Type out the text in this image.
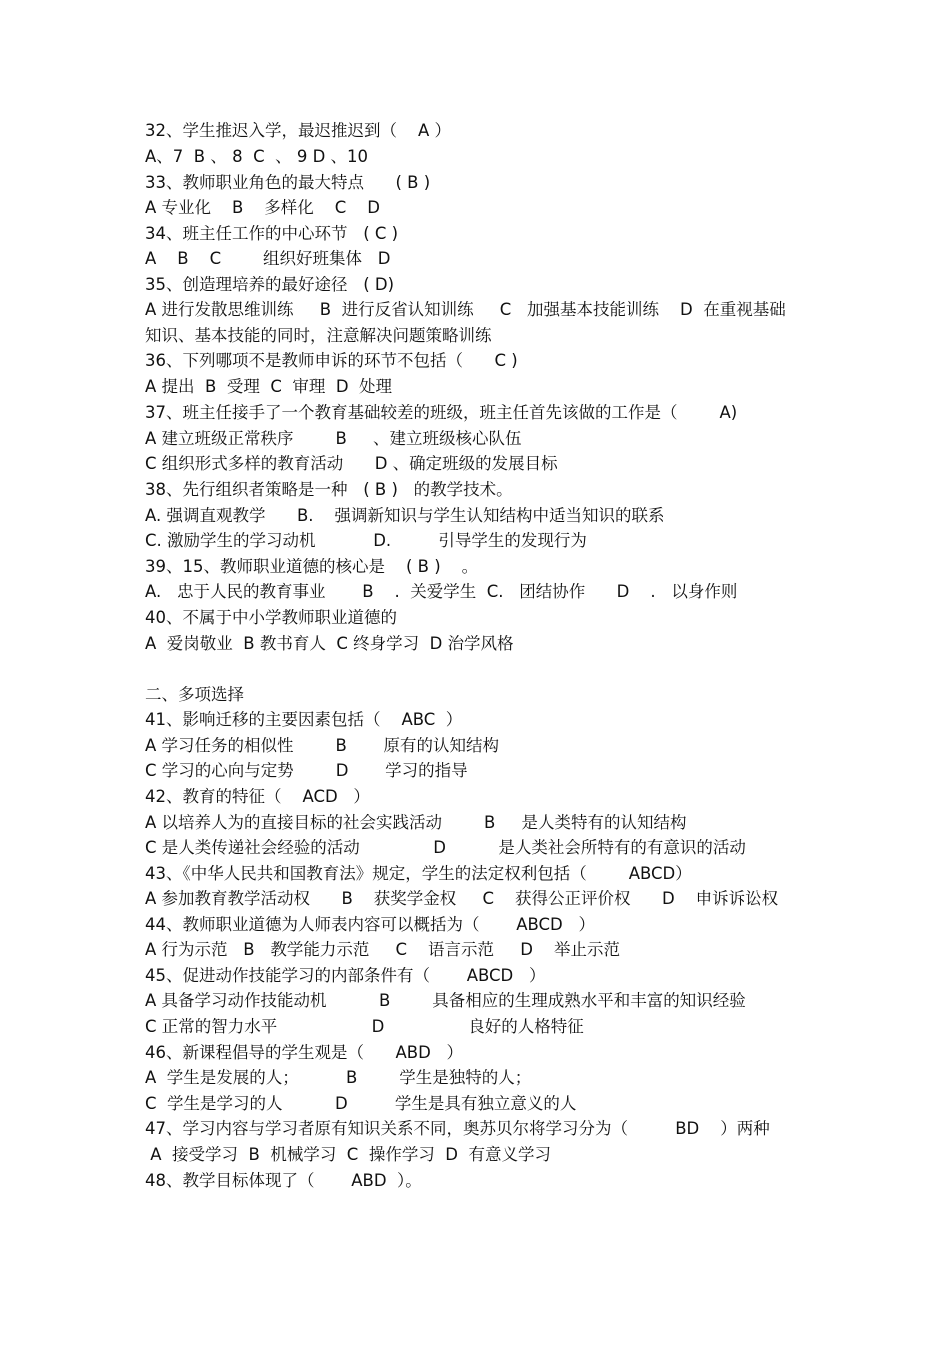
32、学生推迟入学，最迟推迟到（    A ）
A、7  B 、 8  C  、 9 D 、10
33、教师职业角色的最大特点      ( B )
A 专业化    B    多样化    C    D
34、班主任工作的中心环节   ( C )
A    B    C        组织好班集体   D
35、创造理培养的最好途径   ( D)
A 进行发散思维训练     B  进行反省认知训练     C   加强基本技能训练    D  在重视基础
知识、基本技能的同时，注意解决问题策略训练
36、下列哪项不是教师申诉的环节不包括（      C )
A 提出  B  受理  C  审理  D  处理
37、班主任接手了一个教育基础较差的班级，班主任首先该做的工作是（        A)
A 建立班级正常秩序        B     、建立班级核心队伍
C 组织形式多样的教育活动      D 、确定班级的发展目标
38、先行组织者策略是一种   ( B )   的教学技术。
A. 强调直观教学      B.    强调新知识与学生认知结构中适当知识的联系
C. 激励学生的学习动机           D.         引导学生的发现行为
39、15、教师职业道德的核心是    ( B )    。
A.   忠于人民的教育事业       B    .  关爱学生  C.   团结协作      D    .   以身作则
40、不属于中小学教师职业道德的
A  爱岗敬业  B 教书育人  C 终身学习  D 治学风格
二、多项选择
41、影响迁移的主要因素包括（    ABC  ）
A 学习任务的相似性        B       原有的认知结构
C 学习的心向与定势        D       学习的指导
42、教育的特征（    ACD   ）
A 以培养人为的直接目标的社会实践活动        B     是人类特有的认知结构
C 是人类传递社会经验的活动              D          是人类社会所特有的有意识的活动
43、《中华人民共和国教育法》规定，学生的法定权利包括（        ABCD）
A 参加教育教学活动权      B    获奖学金权     C    获得公正评价权      D    申诉诉讼权
44、教师职业道德为人师表内容可以概括为（       ABCD   ）
A 行为示范   B   教学能力示范     C    语言示范     D    举止示范
45、促进动作技能学习的内部条件有（       ABCD   ）
A 具备学习动作技能动机          B        具备相应的生理成熟水平和丰富的知识经验
C 正常的智力水平                  D                良好的人格特征
46、新课程倡导的学生观是（      ABD   ）
A  学生是发展的人；         B        学生是独特的人；
C  学生是学习的人          D         学生是具有独立意义的人
47、学习内容与学习者原有知识关系不同，奥苏贝尔将学习分为（         BD    ）两种
A  接受学习  B  机械学习  C  操作学习  D  有意义学习
48、教学目标体现了（       ABD  ）。
